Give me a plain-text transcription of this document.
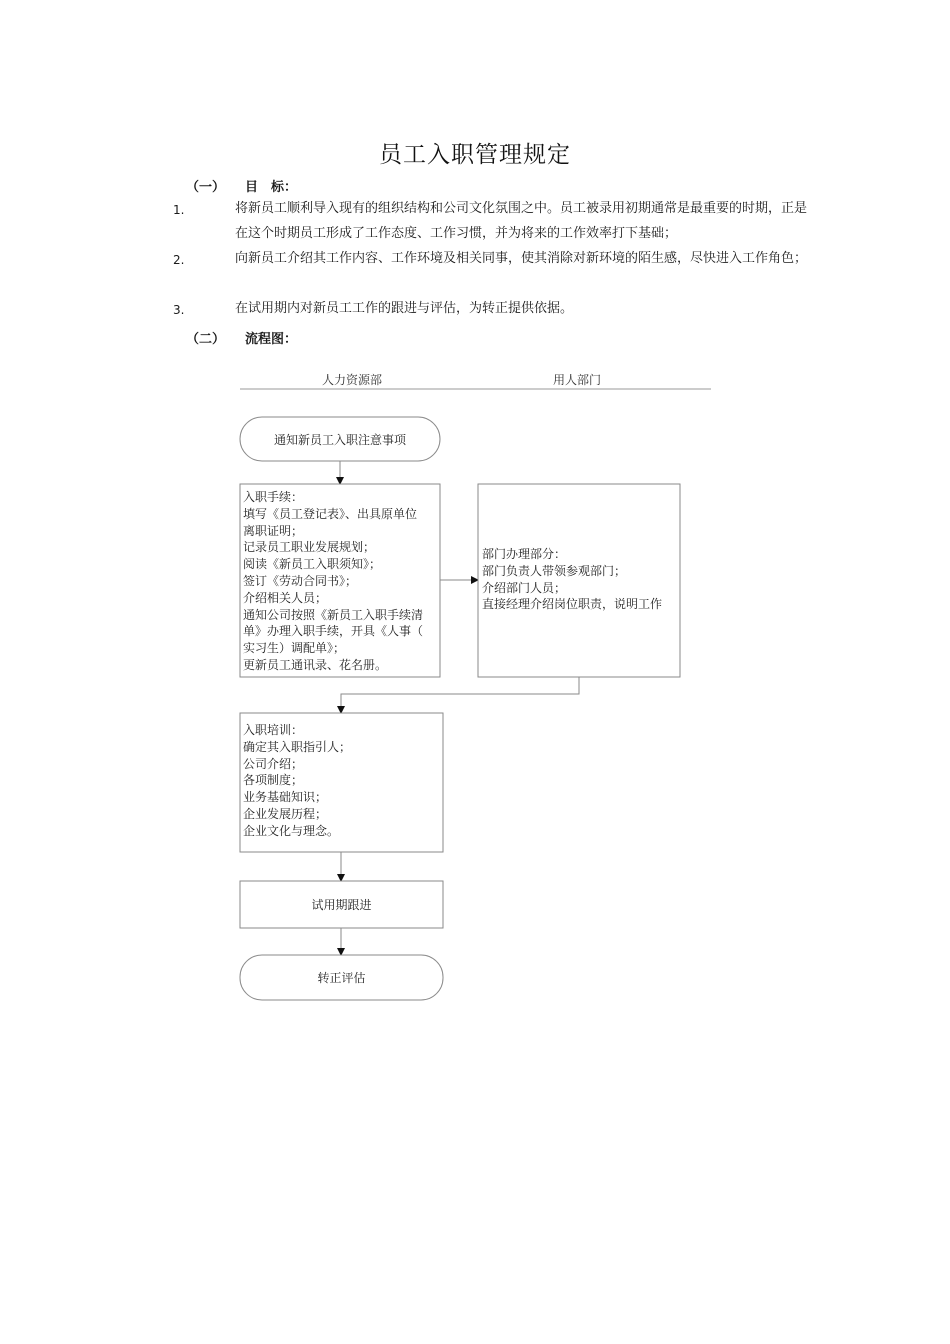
员工入职管理规定
（一） 目　标：
1.	将新员工顺利导入现有的组织结构和公司文化氛围之中。员工被录用初期通常是最重要的时期，正是在这个时期员工形成了工作态度、工作习惯，并为将来的工作效率打下基础；
2.	向新员工介绍其工作内容、工作环境及相关同事，使其消除对新环境的陌生感，尽快进入工作角色；
3.	在试用期内对新员工工作的跟进与评估，为转正提供依据。
（二） 流程图：
人力资源部	用人部门
通知新员工入职注意事项
入职手续：
填写《员工登记表》、出具原单位
离职证明；
记录员工职业发展规划；
阅读《新员工入职须知》；
签订《劳动合同书》；
介绍相关人员；
通知公司按照《新员工入职手续清
单》办理入职手续，开具《人事（
实习生）调配单》；
更新员工通讯录、花名册。
部门办理部分：
部门负责人带领参观部门；
介绍部门人员；
直接经理介绍岗位职责，说明工作
入职培训：
确定其入职指引人；
公司介绍；
各项制度；
业务基础知识；
企业发展历程；
企业文化与理念。
试用期跟进
转正评估
